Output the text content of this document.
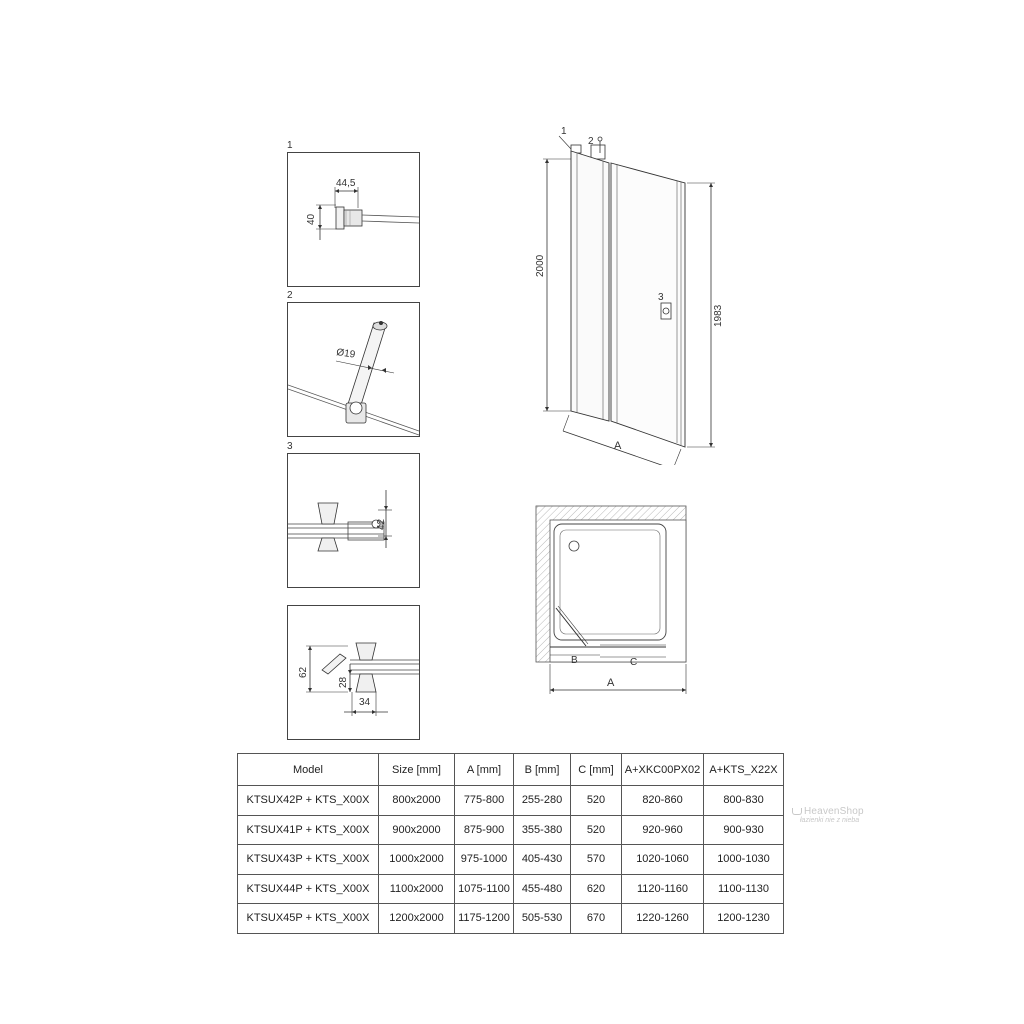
1
44,5
40
2
Ø19
3
42
62
28
34
1
2
3
2000
1983
A
B	C
A
Model	Size [mm]	A [mm]	B [mm]	C [mm]	A+XKC00PX02	A+KTS_X22X
KTSUX42P + KTS_X00X	800x2000	775-800	255-280	520	820-860	800-830
KTSUX41P + KTS_X00X	900x2000	875-900	355-380	520	920-960	900-930
KTSUX43P + KTS_X00X	1000x2000	975-1000	405-430	570	1020-1060	1000-1030
KTSUX44P + KTS_X00X	1100x2000	1075-1100	455-480	620	1120-1160	1100-1130
KTSUX45P + KTS_X00X	1200x2000	1175-1200	505-530	670	1220-1260	1200-1230
HeavenShop
łazienki nie z nieba
